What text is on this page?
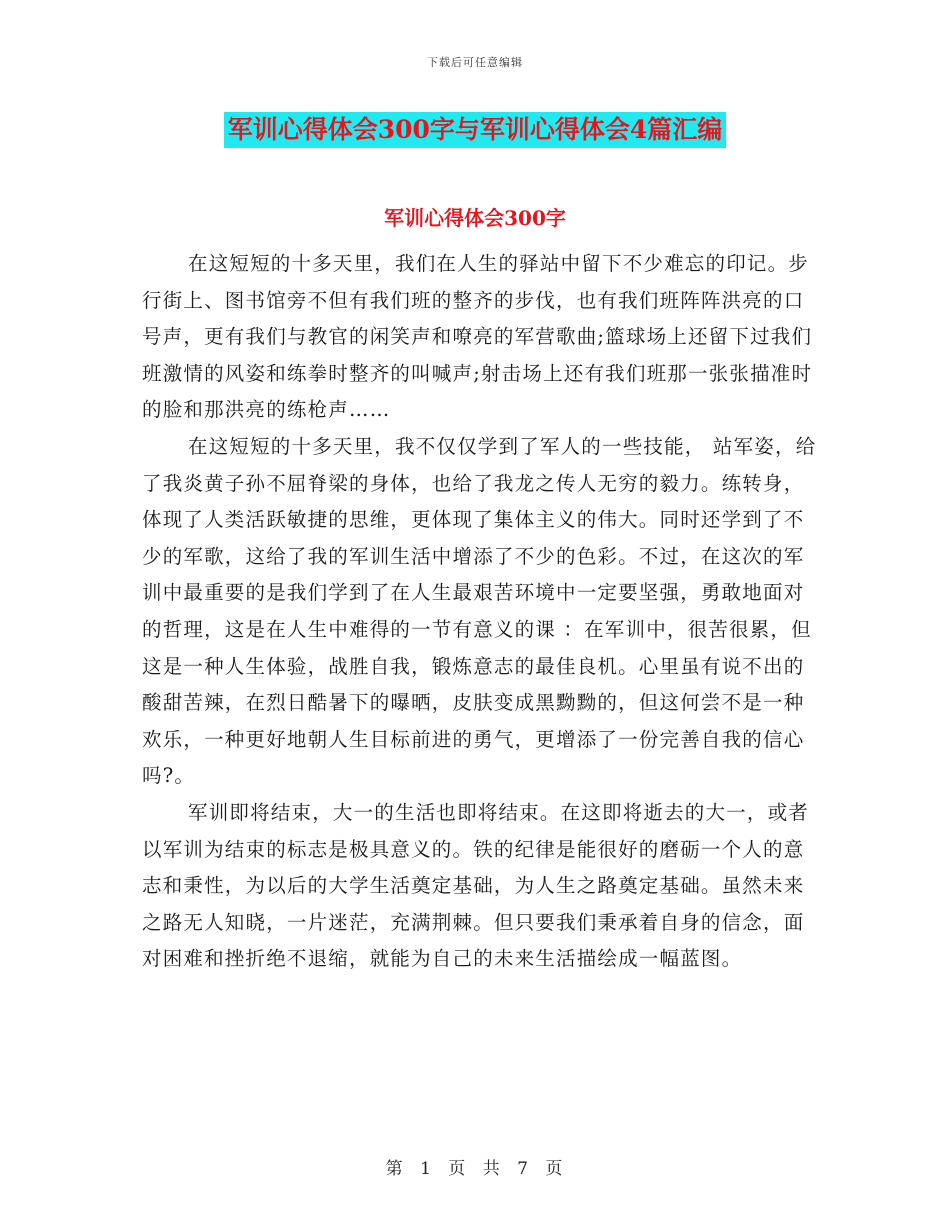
下载后可任意编辑
军训心得体会300字与军训心得体会4篇汇编
军训心得体会300字

在这短短的十多天里，我们在人生的驿站中留下不少难忘的印记。步行街上、图书馆旁不但有我们班的整齐的步伐，也有我们班阵阵洪亮的口号声，更有我们与教官的闲笑声和嘹亮的军营歌曲;篮球场上还留下过我们班激情的风姿和练拳时整齐的叫喊声;射击场上还有我们班那一张张描准时的脸和那洪亮的练枪声……

在这短短的十多天里，我不仅仅学到了军人的一些技能， 站军姿，给了我炎黄子孙不屈脊梁的身体，也给了我龙之传人无穷的毅力。练转身，体现了人类活跃敏捷的思维，更体现了集体主义的伟大。同时还学到了不少的军歌，这给了我的军训生活中增添了不少的色彩。不过，在这次的军训中最重要的是我们学到了在人生最艰苦环境中一定要坚强，勇敢地面对的哲理，这是在人生中难得的一节有意义的课 ：在军训中，很苦很累，但这是一种人生体验，战胜自我，锻炼意志的最佳良机。心里虽有说不出的酸甜苦辣，在烈日酷暑下的曝晒，皮肤变成黑黝黝的，但这何尝不是一种欢乐，一种更好地朝人生目标前进的勇气，更增添了一份完善自我的信心吗?。

军训即将结束，大一的生活也即将结束。在这即将逝去的大一，或者以军训为结束的标志是极具意义的。铁的纪律是能很好的磨砺一个人的意志和秉性，为以后的大学生活奠定基础，为人生之路奠定基础。虽然未来之路无人知晓，一片迷茫，充满荆棘。但只要我们秉承着自身的信念，面对困难和挫折绝不退缩，就能为自己的未来生活描绘成一幅蓝图。

第 1 页 共 7 页
